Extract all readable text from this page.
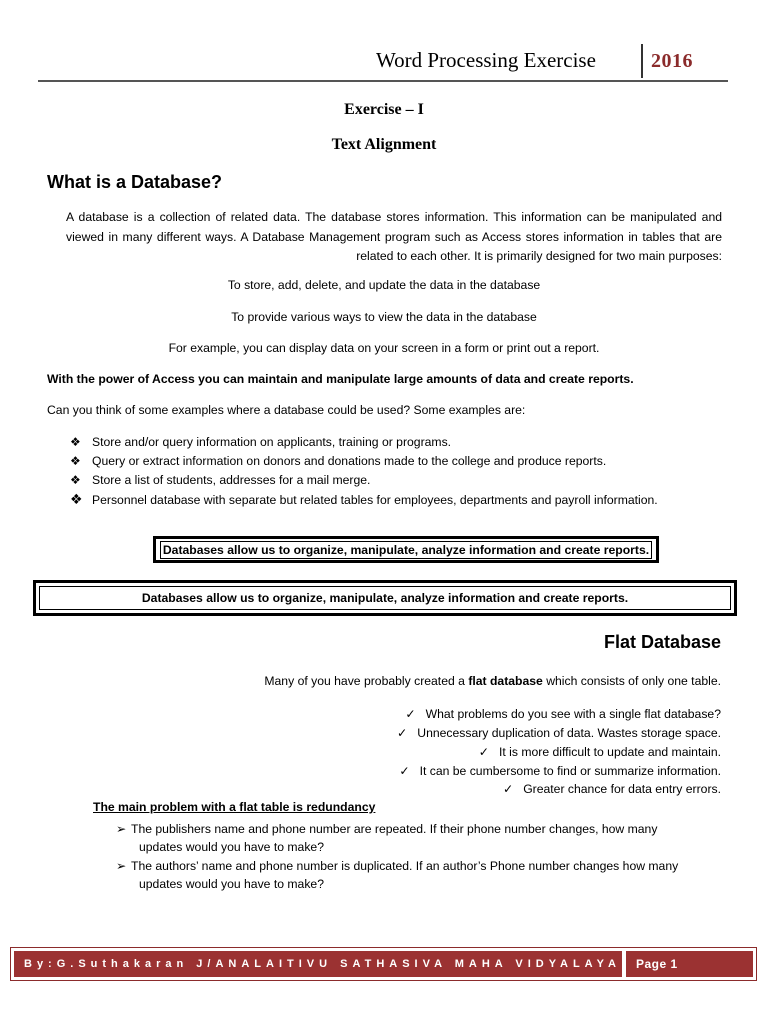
Word Processing Exercise	2016
Exercise – I
Text Alignment
What is a Database?
A database is a collection of related data. The database stores information. This information can be manipulated and viewed in many different ways. A Database Management program such as Access stores information in tables that are related to each other. It is primarily designed for two main purposes:
To store, add, delete, and update the data in the database
To provide various ways to view the data in the database
For example, you can display data on your screen in a form or print out a report.
With the power of Access you can maintain and manipulate large amounts of data and create reports.
Can you think of some examples where a database could be used? Some examples are:
❖ Store and/or query information on applicants, training or programs.
❖ Query or extract information on donors and donations made to the college and produce reports.
❖ Store a list of students, addresses for a mail merge.
❖ Personnel database with separate but related tables for employees, departments and payroll information.
Databases allow us to organize, manipulate, analyze information and create reports.
Databases allow us to organize, manipulate, analyze information and create reports.
Flat Database
Many of you have probably created a flat database which consists of only one table.
✓ What problems do you see with a single flat database?
✓ Unnecessary duplication of data. Wastes storage space.
✓ It is more difficult to update and maintain.
✓ It can be cumbersome to find or summarize information.
✓ Greater chance for data entry errors.
The main problem with a flat table is redundancy
➢ The publishers name and phone number are repeated. If their phone number changes, how many
updates would you have to make?
➢ The authors’ name and phone number is duplicated. If an author’s Phone number changes how many
updates would you have to make?
By:G.Suthakaran J/ANALAITIVU SATHASIVA MAHA VIDYALAYA	Page 1
